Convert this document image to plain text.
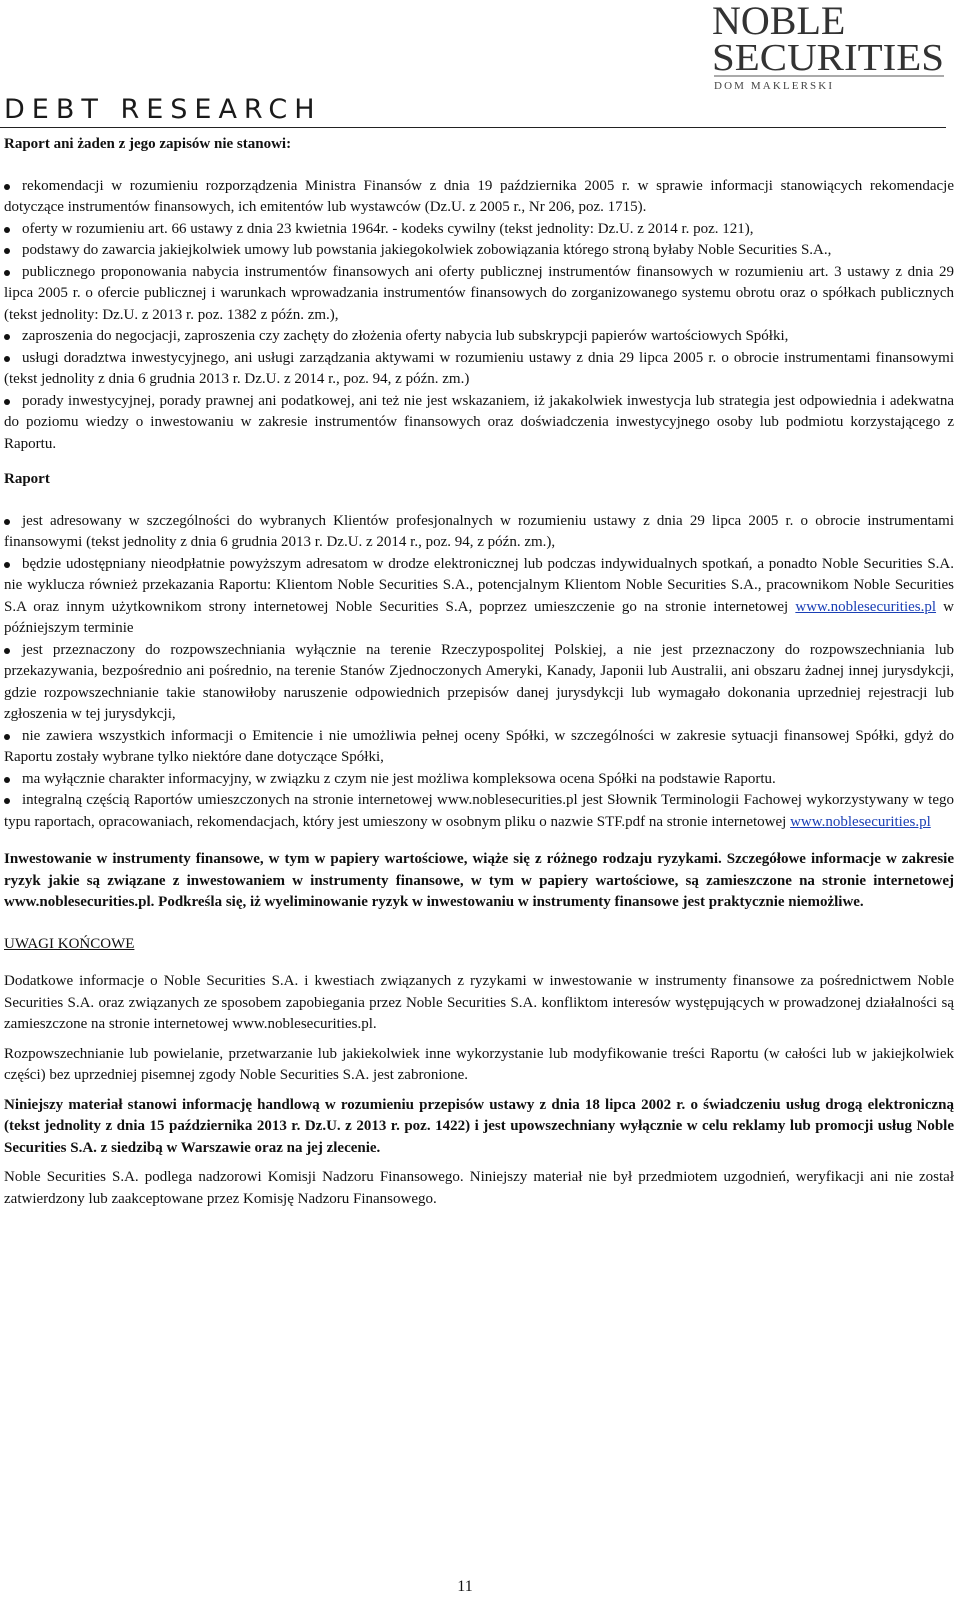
NOBLE
SECURITIES
DOM MAKLERSKI
DEBT RESEARCH

Raport ani żaden z jego zapisów nie stanowi:

rekomendacji w rozumieniu rozporządzenia Ministra Finansów z dnia 19 października 2005 r. w sprawie informacji stanowiących rekomendacje dotyczące instrumentów finansowych, ich emitentów lub wystawców (Dz.U. z 2005 r., Nr 206, poz. 1715).
oferty w rozumieniu art. 66 ustawy z dnia 23 kwietnia 1964r. - kodeks cywilny (tekst jednolity: Dz.U. z 2014 r. poz. 121),
podstawy do zawarcia jakiejkolwiek umowy lub powstania jakiegokolwiek zobowiązania którego stroną byłaby Noble Securities S.A.,
publicznego proponowania nabycia instrumentów finansowych ani oferty publicznej instrumentów finansowych w rozumieniu art. 3 ustawy z dnia 29 lipca 2005 r. o ofercie publicznej i warunkach wprowadzania instrumentów finansowych do zorganizowanego systemu obrotu oraz o spółkach publicznych (tekst jednolity: Dz.U. z 2013 r. poz. 1382 z późn. zm.),
zaproszenia do negocjacji, zaproszenia czy zachęty do złożenia oferty nabycia lub subskrypcji papierów wartościowych Spółki,
usługi doradztwa inwestycyjnego, ani usługi zarządzania aktywami w rozumieniu ustawy z dnia 29 lipca 2005 r. o obrocie instrumentami finansowymi (tekst jednolity z dnia 6 grudnia 2013 r. Dz.U. z 2014 r., poz. 94, z późn. zm.)
porady inwestycyjnej, porady prawnej ani podatkowej, ani też nie jest wskazaniem, iż jakakolwiek inwestycja lub strategia jest odpowiednia i adekwatna do poziomu wiedzy o inwestowaniu w zakresie instrumentów finansowych oraz doświadczenia inwestycyjnego osoby lub podmiotu korzystającego z Raportu.

Raport

jest adresowany w szczególności do wybranych Klientów profesjonalnych w rozumieniu ustawy z dnia 29 lipca 2005 r. o obrocie instrumentami finansowymi (tekst jednolity z dnia 6 grudnia 2013 r. Dz.U. z 2014 r., poz. 94, z późn. zm.),
będzie udostępniany nieodpłatnie powyższym adresatom w drodze elektronicznej lub podczas indywidualnych spotkań, a ponadto Noble Securities S.A. nie wyklucza również przekazania Raportu: Klientom Noble Securities S.A., potencjalnym Klientom Noble Securities S.A., pracownikom Noble Securities S.A oraz innym użytkownikom strony internetowej Noble Securities S.A, poprzez umieszczenie go na stronie internetowej www.noblesecurities.pl w późniejszym terminie
jest przeznaczony do rozpowszechniania wyłącznie na terenie Rzeczypospolitej Polskiej, a nie jest przeznaczony do rozpowszechniania lub przekazywania, bezpośrednio ani pośrednio, na terenie Stanów Zjednoczonych Ameryki, Kanady, Japonii lub Australii, ani obszaru żadnej innej jurysdykcji, gdzie rozpowszechnianie takie stanowiłoby naruszenie odpowiednich przepisów danej jurysdykcji lub wymagało dokonania uprzedniej rejestracji lub zgłoszenia w tej jurysdykcji,
nie zawiera wszystkich informacji o Emitencie i nie umożliwia pełnej oceny Spółki, w szczególności w zakresie sytuacji finansowej Spółki, gdyż do Raportu zostały wybrane tylko niektóre dane dotyczące Spółki,
ma wyłącznie charakter informacyjny, w związku z czym nie jest możliwa kompleksowa ocena Spółki na podstawie Raportu.
integralną częścią Raportów umieszczonych na stronie internetowej www.noblesecurities.pl jest Słownik Terminologii Fachowej wykorzystywany w tego typu raportach, opracowaniach, rekomendacjach, który jest umieszony w osobnym pliku o nazwie STF.pdf na stronie internetowej www.noblesecurities.pl

Inwestowanie w instrumenty finansowe, w tym w papiery wartościowe, wiąże się z różnego rodzaju ryzykami. Szczegółowe informacje w zakresie ryzyk jakie są związane z inwestowaniem w instrumenty finansowe, w tym w papiery wartościowe, są zamieszczone na stronie internetowej www.noblesecurities.pl. Podkreśla się, iż wyeliminowanie ryzyk w inwestowaniu w instrumenty finansowe jest praktycznie niemożliwe.

UWAGI KOŃCOWE

Dodatkowe informacje o Noble Securities S.A. i kwestiach związanych z ryzykami w inwestowanie w instrumenty finansowe za pośrednictwem Noble Securities S.A. oraz związanych ze sposobem zapobiegania przez Noble Securities S.A. konfliktom interesów występujących w prowadzonej działalności są zamieszczone na stronie internetowej www.noblesecurities.pl.

Rozpowszechnianie lub powielanie, przetwarzanie lub jakiekolwiek inne wykorzystanie lub modyfikowanie treści Raportu (w całości lub w jakiejkolwiek części) bez uprzedniej pisemnej zgody Noble Securities S.A. jest zabronione.

Niniejszy materiał stanowi informację handlową w rozumieniu przepisów ustawy z dnia 18 lipca 2002 r. o świadczeniu usług drogą elektroniczną (tekst jednolity z dnia 15 października 2013 r. Dz.U. z 2013 r. poz. 1422) i jest upowszechniany wyłącznie w celu reklamy lub promocji usług Noble Securities S.A. z siedzibą w Warszawie oraz na jej zlecenie.

Noble Securities S.A. podlega nadzorowi Komisji Nadzoru Finansowego. Niniejszy materiał nie był przedmiotem uzgodnień, weryfikacji ani nie został zatwierdzony lub zaakceptowane przez Komisję Nadzoru Finansowego.

11
